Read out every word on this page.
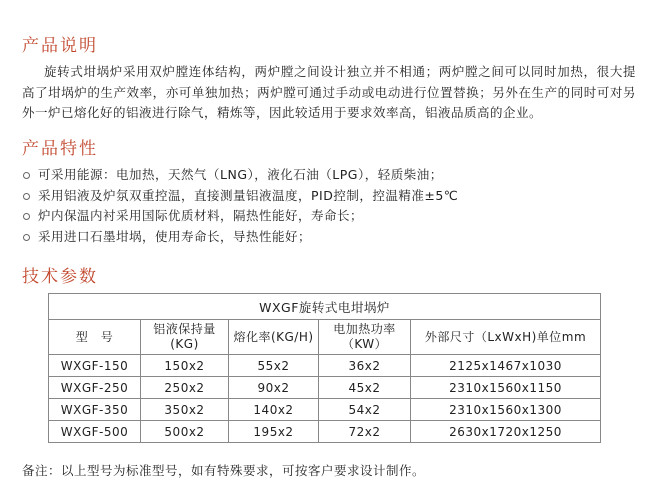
产品说明

旋转式坩埚炉采用双炉膛连体结构，两炉膛之间设计独立并不相通；两炉膛之间可以同时加热，很大提高了坩埚炉的生产效率，亦可单独加热；两炉膛可通过手动或电动进行位置替换；另外在生产的同时可对另外一炉已熔化好的铝液进行除气，精炼等，因此较适用于要求效率高，铝液品质高的企业。

产品特性
可采用能源：电加热，天然气（LNG），液化石油（LPG），轻质柴油；
采用铝液及炉氛双重控温，直接测量铝液温度，PID控制，控温精准±5℃
炉内保温内衬采用国际优质材料，隔热性能好，寿命长；
采用进口石墨坩埚，使用寿命长，导热性能好；
技术参数
WXGF旋转式电坩埚炉				
型　号	铝液保持量(KG)	熔化率(KG/H)	电加热功率（KW）	外部尺寸（LxWxH)单位mm
WXGF-150	150x2	55x2	36x2	2125x1467x1030
WXGF-250	250x2	90x2	45x2	2310x1560x1150
WXGF-350	350x2	140x2	54x2	2310x1560x1300
WXGF-500	500x2	195x2	72x2	2630x1720x1250

备注：以上型号为标准型号，如有特殊要求，可按客户要求设计制作。
